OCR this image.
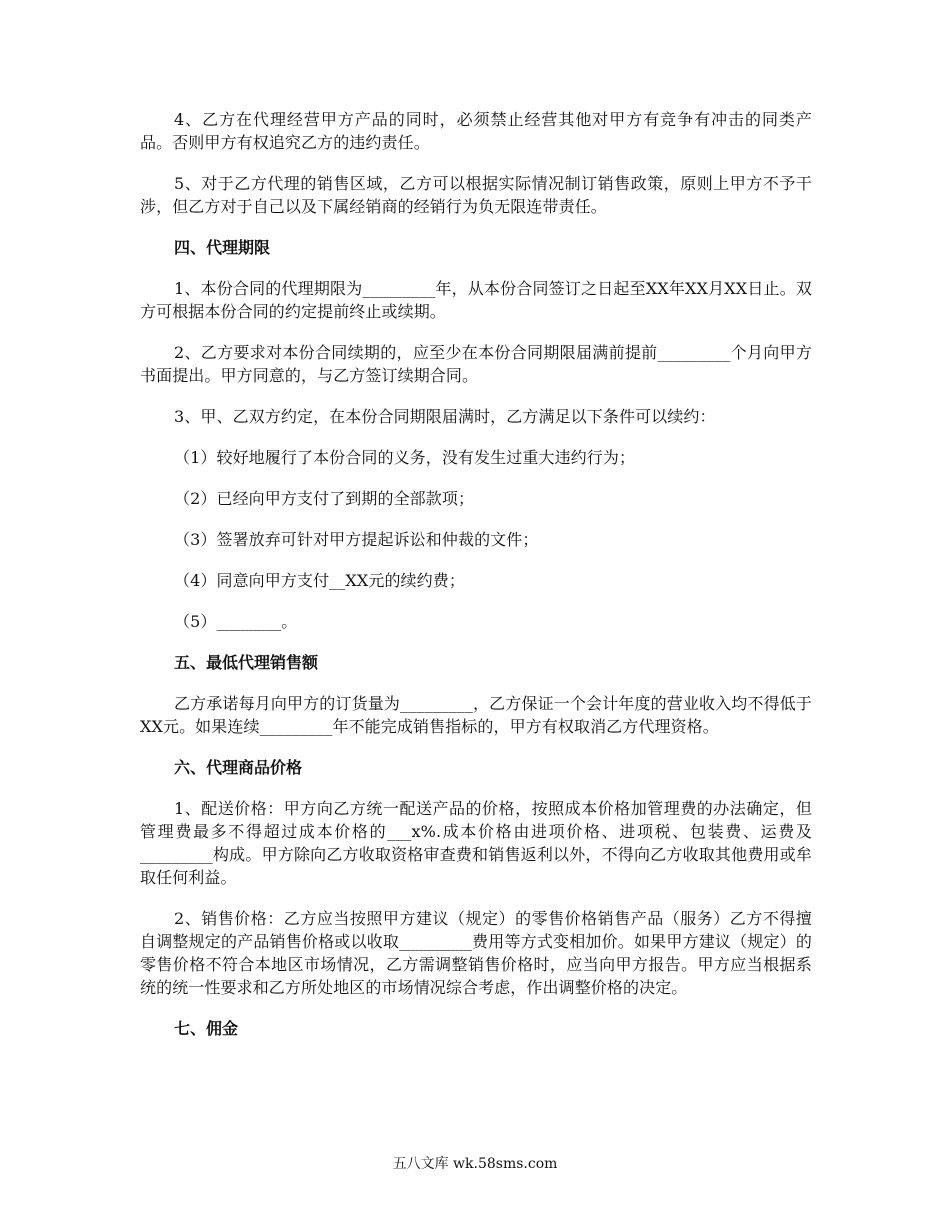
4、乙方在代理经营甲方产品的同时，必须禁止经营其他对甲方有竞争有冲击的同类产品。否则甲方有权追究乙方的违约责任。

5、对于乙方代理的销售区域，乙方可以根据实际情况制订销售政策，原则上甲方不予干涉，但乙方对于自己以及下属经销商的经销行为负无限连带责任。

四、代理期限

1、本份合同的代理期限为_________年，从本份合同签订之日起至XX年XX月XX日止。双方可根据本份合同的约定提前终止或续期。

2、乙方要求对本份合同续期的，应至少在本份合同期限届满前提前_________个月向甲方书面提出。甲方同意的，与乙方签订续期合同。

3、甲、乙双方约定，在本份合同期限届满时，乙方满足以下条件可以续约：

（1）较好地履行了本份合同的义务，没有发生过重大违约行为；

（2）已经向甲方支付了到期的全部款项；

（3）签署放弃可针对甲方提起诉讼和仲裁的文件；

（4）同意向甲方支付__XX元的续约费；

（5）________。

五、最低代理销售额

乙方承诺每月向甲方的订货量为_________，乙方保证一个会计年度的营业收入均不得低于XX元。如果连续_________年不能完成销售指标的，甲方有权取消乙方代理资格。

六、代理商品价格

1、配送价格：甲方向乙方统一配送产品的价格，按照成本价格加管理费的办法确定，但管理费最多不得超过成本价格的___x%.成本价格由进项价格、进项税、包装费、运费及_________构成。甲方除向乙方收取资格审查费和销售返利以外，不得向乙方收取其他费用或牟取任何利益。

2、销售价格：乙方应当按照甲方建议（规定）的零售价格销售产品（服务）乙方不得擅自调整规定的产品销售价格或以收取_________费用等方式变相加价。如果甲方建议（规定）的零售价格不符合本地区市场情况，乙方需调整销售价格时，应当向甲方报告。甲方应当根据系统的统一性要求和乙方所处地区的市场情况综合考虑，作出调整价格的决定。

七、佣金

五八文库 wk.58sms.com
